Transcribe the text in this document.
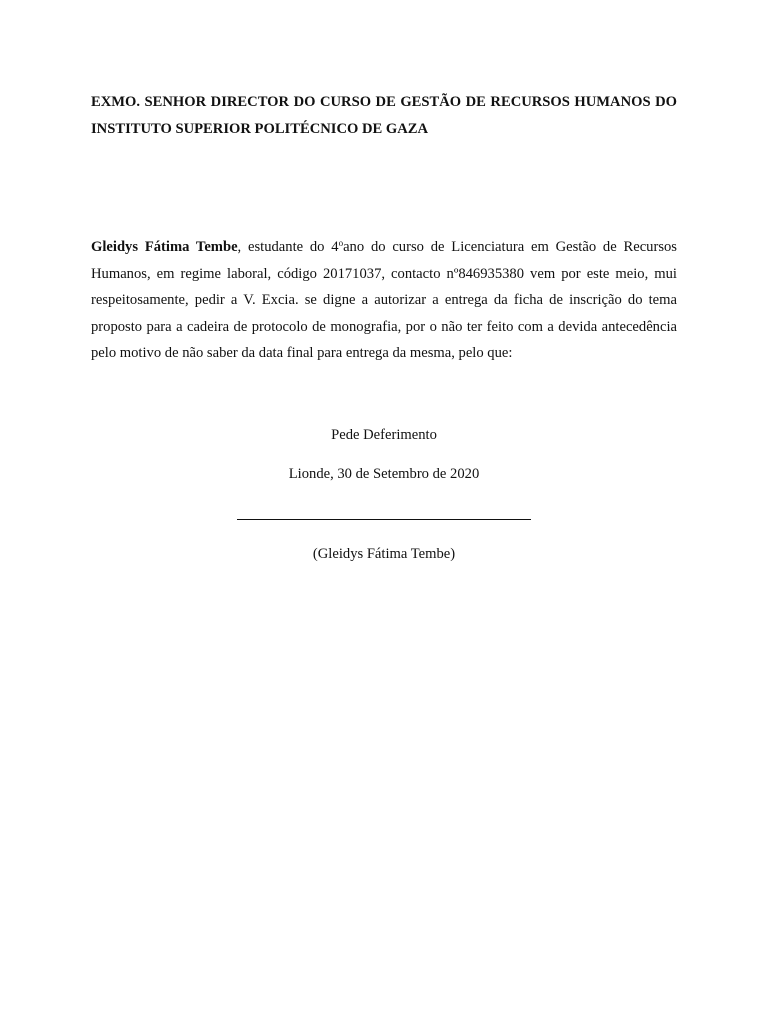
EXMO. SENHOR DIRECTOR DO CURSO DE GESTÃO DE RECURSOS HUMANOS DO INSTITUTO SUPERIOR POLITÉCNICO DE GAZA

Gleidys Fátima Tembe, estudante do 4$^o$ano do curso de Licenciatura em Gestão de Recursos Humanos, em regime laboral, código 20171037, contacto nº846935380 vem por este meio, mui respeitosamente, pedir a V. Excia. se digne a autorizar a entrega da ficha de inscrição do tema proposto para a cadeira de protocolo de monografia, por o não ter feito com a devida antecedência pelo motivo de não saber da data final para entrega da mesma, pelo que:

Pede Deferimento

Lionde, 30 de Setembro de 2020

(Gleidys Fátima Tembe)
